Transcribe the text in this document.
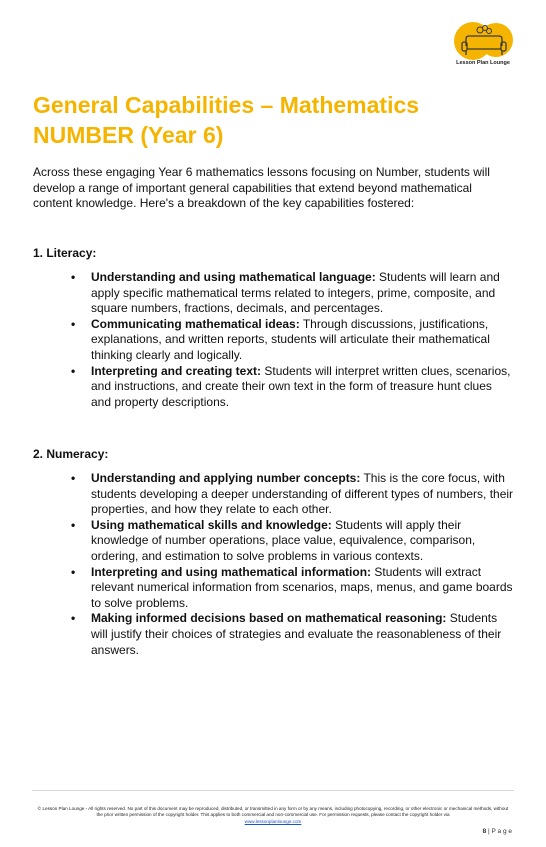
Lesson Plan Lounge
General Capabilities – Mathematics NUMBER (Year 6)
Across these engaging Year 6 mathematics lessons focusing on Number, students will develop a range of important general capabilities that extend beyond mathematical content knowledge. Here's a breakdown of the key capabilities fostered:
1. Literacy:
• Understanding and using mathematical language: Students will learn and apply specific mathematical terms related to integers, prime, composite, and square numbers, fractions, decimals, and percentages.
• Communicating mathematical ideas: Through discussions, justifications, explanations, and written reports, students will articulate their mathematical thinking clearly and logically.
• Interpreting and creating text: Students will interpret written clues, scenarios, and instructions, and create their own text in the form of treasure hunt clues and property descriptions.
2. Numeracy:
• Understanding and applying number concepts: This is the core focus, with students developing a deeper understanding of different types of numbers, their properties, and how they relate to each other.
• Using mathematical skills and knowledge: Students will apply their knowledge of number operations, place value, equivalence, comparison, ordering, and estimation to solve problems in various contexts.
• Interpreting and using mathematical information: Students will extract relevant numerical information from scenarios, maps, menus, and game boards to solve problems.
• Making informed decisions based on mathematical reasoning: Students will justify their choices of strategies and evaluate the reasonableness of their answers.
© Lesson Plan Lounge - All rights reserved. No part of this document may be reproduced, distributed, or transmitted in any form or by any means, including photocopying, recording, or other electronic or mechanical methods, without the prior written permission of the copyright holder. This applies to both commercial and non-commercial use. For permission requests, please contact the copyright holder via
www.lessonplanlounge.com
8 | P a g e
